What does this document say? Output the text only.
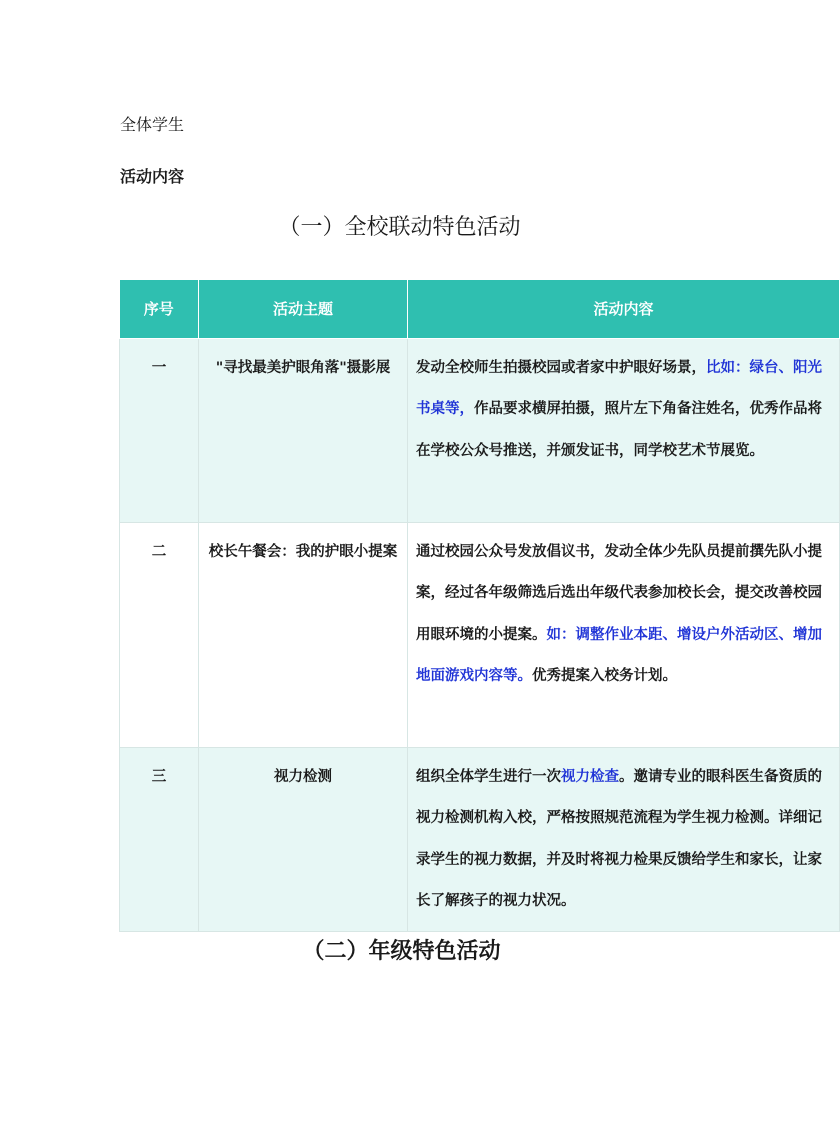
全体学生
活动内容
（一）全校联动特色活动
序号	活动主题	活动内容
一	"寻找最美护眼角落"摄影展	发动全校师生拍摄校园或者家中护眼好场景，比如：绿台、阳光书桌等，作品要求横屏拍摄，照片左下角备注姓名，优秀作品将在学校公众号推送，并颁发证书，同学校艺术节展览。
二	校长午餐会：我的护眼小提案	通过校园公众号发放倡议书，发动全体少先队员提前撰先队小提案，经过各年级筛选后选出年级代表参加校长会，提交改善校园用眼环境的小提案。如：调整作业本距、增设户外活动区、增加地面游戏内容等。优秀提案入校务计划。
三	视力检测	组织全体学生进行一次视力检查。邀请专业的眼科医生备资质的视力检测机构入校，严格按照规范流程为学生视力检测。详细记录学生的视力数据，并及时将视力检果反馈给学生和家长，让家长了解孩子的视力状况。
（二）年级特色活动
